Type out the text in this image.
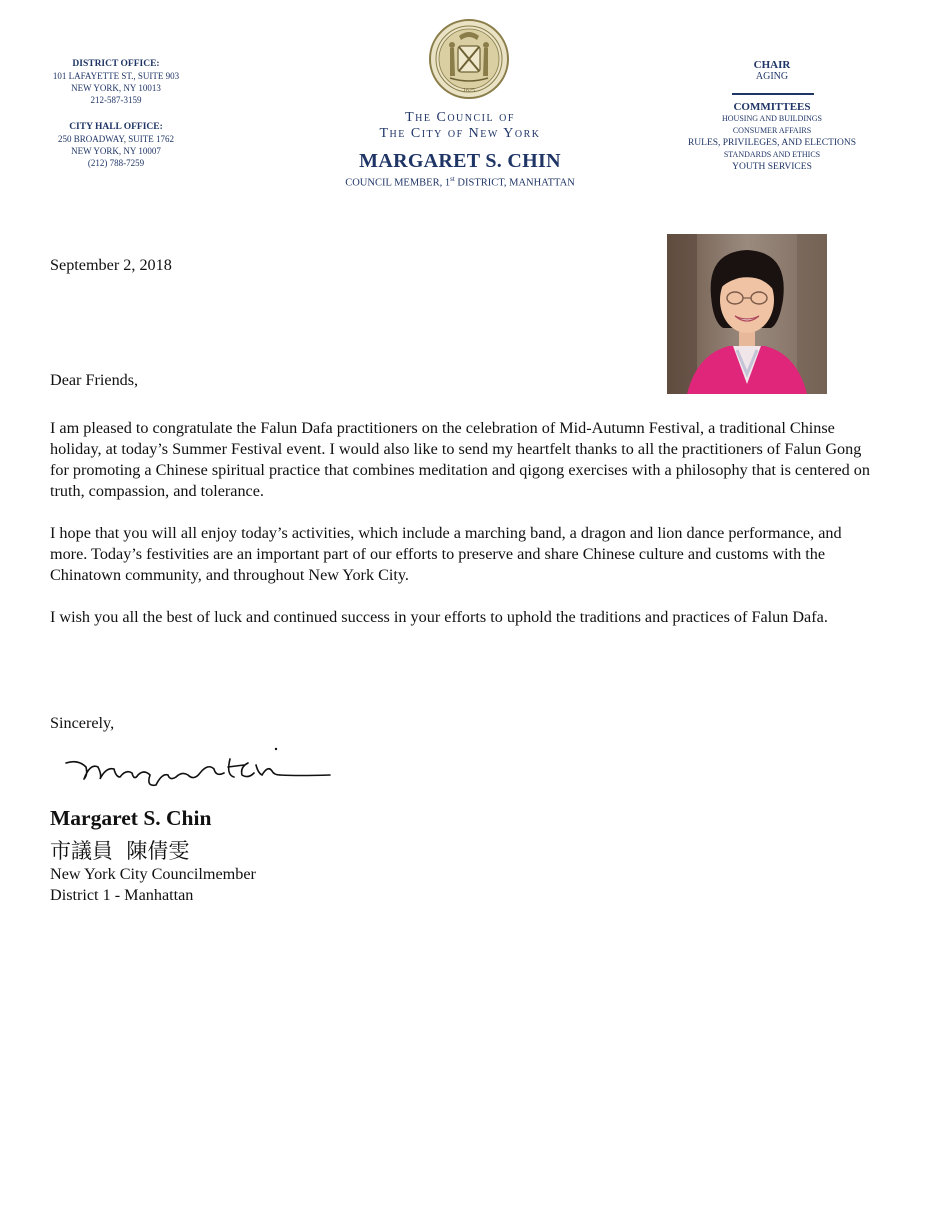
DISTRICT OFFICE:
101 LAFAYETTE ST., SUITE 903
NEW YORK, NY 10013
212-587-3159
CITY HALL OFFICE:
250 BROADWAY, SUITE 1762
NEW YORK, NY 10007
(212) 788-7259
1625
The Council of
The City of New York
MARGARET S. CHIN
COUNCIL MEMBER, 1st DISTRICT, MANHATTAN
CHAIR
AGING
COMMITTEES
HOUSING AND BUILDINGS
CONSUMER AFFAIRS
RULES, PRIVILEGES, AND ELECTIONS
STANDARDS AND ETHICS
YOUTH SERVICES
September 2, 2018
Dear Friends,

I am pleased to congratulate the Falun Dafa practitioners on the celebration of Mid-Autumn Festival, a traditional Chinse holiday, at today’s Summer Festival event. I would also like to send my heartfelt thanks to all the practitioners of Falun Gong for promoting a Chinese spiritual practice that combines meditation and qigong exercises with a philosophy that is centered on truth, compassion, and tolerance.

I hope that you will all enjoy today’s activities, which include a marching band, a dragon and lion dance performance, and more. Today’s festivities are an important part of our efforts to preserve and share Chinese culture and customs with the Chinatown community, and throughout New York City.

I wish you all the best of luck and continued success in your efforts to uphold the traditions and practices of Falun Dafa.

Sincerely,
Margaret S. Chin
市議員  陳倩雯
New York City Councilmember
District 1 - Manhattan
